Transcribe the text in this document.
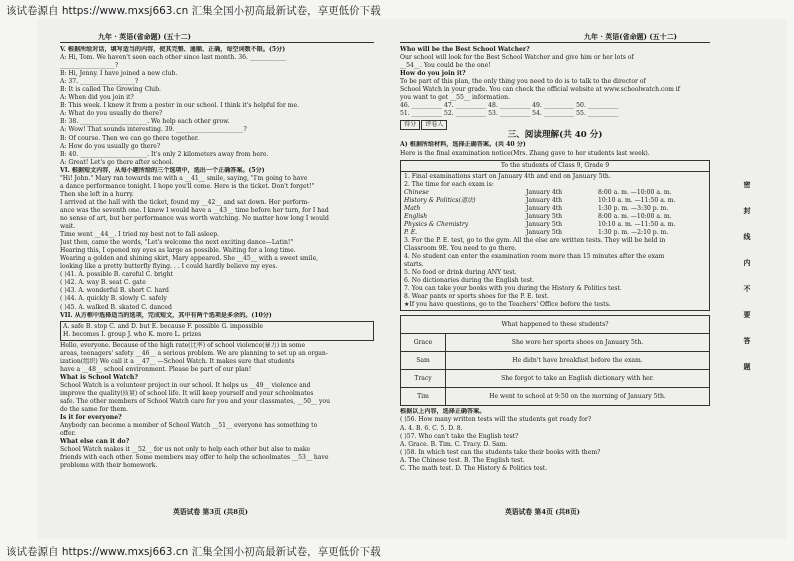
该试卷源自 https://www.mxsj663.cn 汇集全国小初高最新试卷，享更低价下载
九年 · 英语(省命题) (五十二)	九年 · 英语(省命题) (五十二)
V. 根据所给对话，填写适当的内容，使其完整、通顺、正确，每空词数不限。(5分)
A: Hi, Tom. We haven't seen each other since last month. 36. ____________
__________________?
B: Hi, Jenny. I have joined a new club.
A: 37. __________________?
B: It is called The Growing Club.
A: When did you join it?
B: This week. I knew it from a poster in our school. I think it's helpful for me.
A: What do you usually do there?
B: 38. ______________________. We help each other grow.
A: Wow! That sounds interesting. 39. ______________________?
B: Of course. Then we can go there together.
A: How do you usually go there?
B: 40. ______________________. It's only 2 kilometers away from here.
A: Great! Let's go there after school.
VI. 根据短文内容，从每小题所给的三个选项中，选出一个正确答案。(5分)
"Hi! John." Mary ran towards me with a __41__ smile, saying, "I'm going to have
a dance performance tonight. I hope you'll come. Here is the ticket. Don't forget!"
Then she left in a hurry.
I arrived at the hall with the ticket, found my __42__ and sat down. Her perform-
ance was the seventh one. I knew I would have a __43__ time before her turn, for I had
no sense of art, but her performance was worth watching. No matter how long I would
wait.
Time went __44__. I tried my best not to fall asleep.
Just then, came the words, "Let's welcome the next exciting dance—Latin!"
Hearing this, I opened my eyes as large as possible. Waiting for a long time.
Wearing a golden and shining skirt, Mary appeared. She __45__ with a sweet smile,
looking like a pretty butterfly flying. . . I could hardly believe my eyes.
( )41. A. possible B. careful C. bright
( )42. A. way B. seat C. gate
( )43. A. wonderful B. short C. hard
( )44. A. quickly B. slowly C. safely
( )45. A. walked B. skated C. danced
VII. 从方框中选择适当的选项，完成短文，其中有两个选项是多余的。(10分)
A. safe B. stop C. and D. but E. because F. possible G. impossible
H. becomes I. group J. who K. more L. prizes
Hello, everyone. Because of the high rate(比率) of school violence(暴力) in some
areas, teenagers' safety __46__ a serious problem. We are planning to set up an organ-
ization(组织) We call it a __47__ —School Watch. It makes sure that students
have a __48__ school environment. Please be part of our plan!
What is School Watch?
School Watch is a volunteer project in our school. It helps us __49__ violence and
improve the quality(质量) of school life. It will keep yourself and your schoolmates
safe. The other members of School Watch care for you and your classmates, __50__ you
do the same for them.
Is it for everyone?
Anybody can become a member of School Watch __51__ everyone has something to
offer.
What else can it do?
School Watch makes it __52__ for us not only to help each other but also to make
friends with each other. Some members may offer to help the schoolmates __53__ have
problems with their homework.
Who will be the Best School Watcher?
Our school will look for the Best School Watcher and give him or her lots of
__54__. You could be the one!
How do you join it?
To be part of this plan, the only thing you need to do is to talk to the director of
School Watch in your grade. You can check the official website at www.schoolwatch.com if
you want to get __55__ information.
46. __________ 47. __________ 48. __________ 49. __________ 50. __________
51. __________ 52. __________ 53. __________ 54. __________ 55. __________
得分 评卷人
三、阅读理解(共 40 分)
A) 根据所给材料，选择正确答案。(共 40 分)
Here is the final examination notice(Mrs. Zhang gave to her students last week).
To the students of Class 9, Grade 9
1. Final examinations start on January 4th and end on January 5th.
2. The time for each exam is:
Chinese	January 4th	8:00 a. m. —10:00 a. m.
History & Politics(道法)	January 4th	10:10 a. m. —11:50 a. m.
Math	January 4th	1:30 p. m. —3:30 p. m.
English	January 5th	8:00 a. m. —10:00 a. m.
Physics & Chemistry	January 5th	10:10 a. m. —11:50 a. m.
P. E.	January 5th	1:30 p. m. —2:10 p. m.
3. For the P. E. test, go to the gym. All the else are written tests. They will be held in
Classroom 9E. You need to go there.
4. No student can enter the examination room more than 15 minutes after the exam
starts.
5. No food or drink during ANY test.
6. No dictionaries during the English test.
7. You can take your books with you during the History & Politics test.
8. Wear pants or sports shoes for the P. E. test.
★If you have questions, go to the Teachers' Office before the tests.
What happened to these students?	
Grace	She wore her sports shoes on January 5th.
Sam	He didn't have breakfast before the exam.
Tracy	She forgot to take an English dictionary with her.
Tim	He went to school at 9:50 on the morning of January 5th.
根据以上内容，选择正确答案。
( )56. How many written tests will the students get ready for?
A. 4. B. 6. C. 5. D. 8.
( )57. Who can't take the English test?
A. Grace. B. Tim. C. Tracy. D. Sam.
( )58. In which test can the students take their books with them?
A. The Chinese test. B. The English test.
C. The math test. D. The History & Politics test.
密
封
线
内
不
要
答
题
英语试卷 第3页 (共8页)	英语试卷 第4页 (共8页)
该试卷源自 https://www.mxsj663.cn 汇集全国小初高最新试卷，享更低价下载
